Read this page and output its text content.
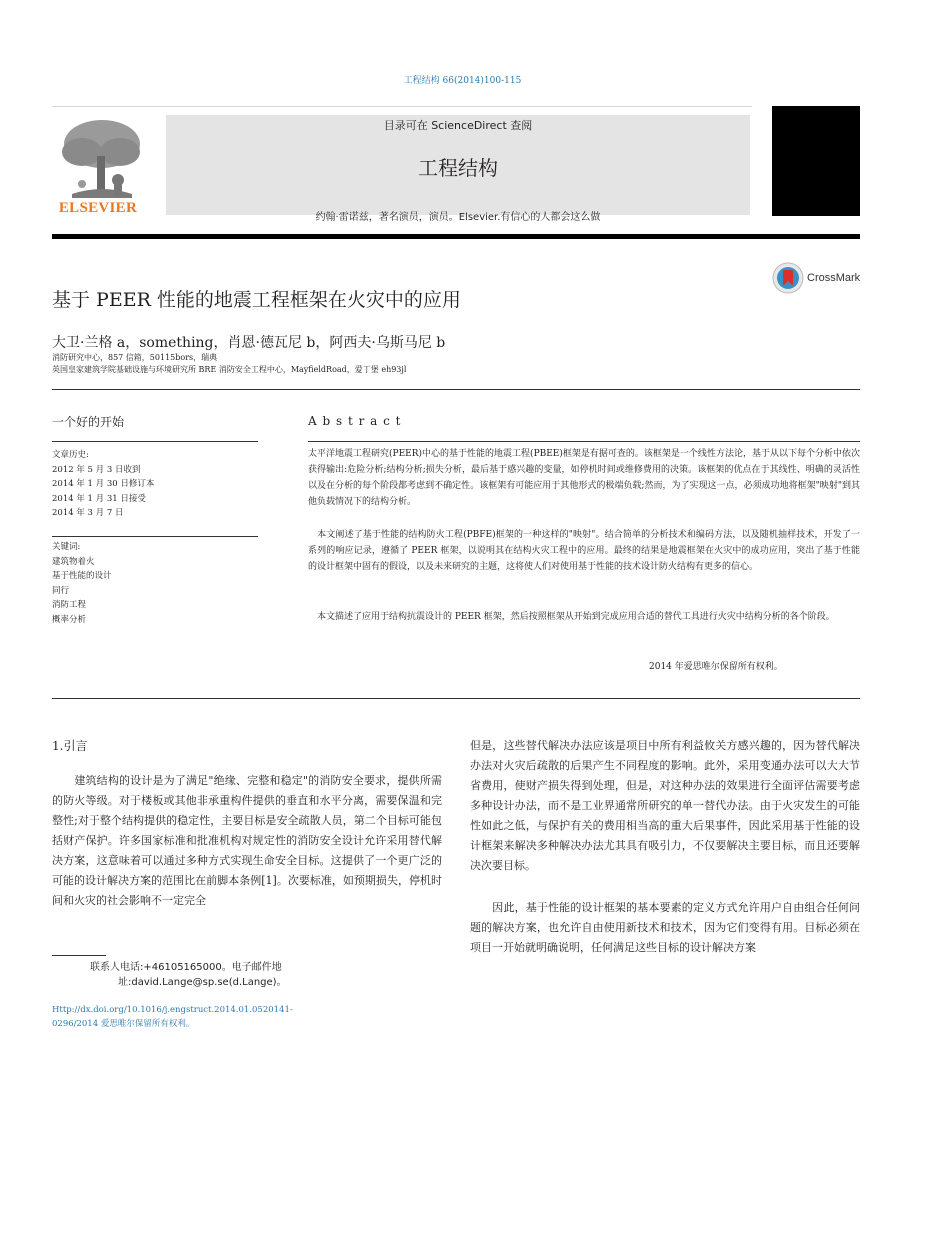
工程结构 66(2014)100-115
ELSEVIER
目录可在 ScienceDirect 查阅
工程结构
约翰·雷诺兹，著名演员，演员。Elsevier.有信心的人都会这么做
CrossMark
基于 PEER 性能的地震工程框架在火灾中的应用
大卫·兰格 a，something，肖恩·德瓦尼 b，阿西夫·乌斯马尼 b
消防研究中心，857 信箱，50115bors，瑞典
英国皇家建筑学院基础设施与环境研究所 BRE 消防安全工程中心，MayfieldRoad，爱丁堡 eh93jl
一个好的开始
文章历史:
2012 年 5 月 3 日收到
2014 年 1 月 30 日修订本
2014 年 1 月 31 日接受
2014 年 3 月 7 日
关键词:
建筑物着火
基于性能的设计
同行
消防工程
概率分析
A b s t r a c t
太平洋地震工程研究(PEER)中心的基于性能的地震工程(PBEE)框架是有据可查的。该框架是一个线性方法论，基于从以下每个分析中依次获得输出:危险分析;结构分析;损失分析，最后基于感兴趣的变量，如停机时间或维修费用的决策。该框架的优点在于其线性、明确的灵活性以及在分析的每个阶段都考虑到不确定性。该框架有可能应用于其他形式的极端负载;然而，为了实现这一点，必须成功地将框架"映射"到其他负载情况下的结构分析。
　本文阐述了基于性能的结构防火工程(PBFE)框架的一种这样的"映射"。结合简单的分析技术和编码方法，以及随机抽样技术，开发了一系列的响应记录，遵循了 PEER 框架，以说明其在结构火灾工程中的应用。最终的结果是地震框架在火灾中的成功应用，突出了基于性能的设计框架中固有的假设，以及未来研究的主题，这将使人们对使用基于性能的技术设计防火结构有更多的信心。
　本文描述了应用于结构抗震设计的 PEER 框架，然后按照框架从开始到完成应用合适的替代工具进行火灾中结构分析的各个阶段。
2014 年爱思唯尔保留所有权利。
1.引言
　　建筑结构的设计是为了满足"绝缘、完整和稳定"的消防安全要求，提供所需的防火等级。对于楼板或其他非承重构件提供的垂直和水平分离，需要保温和完整性;对于整个结构提供的稳定性，主要目标是安全疏散人员，第二个目标可能包括财产保护。许多国家标准和批准机构对规定性的消防安全设计允许采用替代解决方案，这意味着可以通过多种方式实现生命安全目标。这提供了一个更广泛的可能的设计解决方案的范围比在前脚本条例[1]。次要标准，如预期损失，停机时间和火灾的社会影响不一定完全
但是，这些替代解决办法应该是项目中所有利益攸关方感兴趣的，因为替代解决办法对火灾后疏散的后果产生不同程度的影响。此外，采用变通办法可以大大节省费用，使财产损失得到处理，但是，对这种办法的效果进行全面评估需要考虑多种设计办法，而不是工业界通常所研究的单一替代办法。由于火灾发生的可能性如此之低，与保护有关的费用相当高的重大后果事件，因此采用基于性能的设计框架来解决多种解决办法尤其具有吸引力，不仅要解决主要目标，而且还要解决次要目标。
　　因此，基于性能的设计框架的基本要素的定义方式允许用户自由组合任何问题的解决方案，也允许自由使用新技术和技术，因为它们变得有用。目标必须在项目一开始就明确说明，任何满足这些目标的设计解决方案
联系人电话:+46105165000。电子邮件地
址:david.Lange@sp.se(d.Lange)。
Http://dx.doi.org/10.1016/j.engstruct.2014.01.0520141-
0296/2014 爱思唯尔保留所有权利。
